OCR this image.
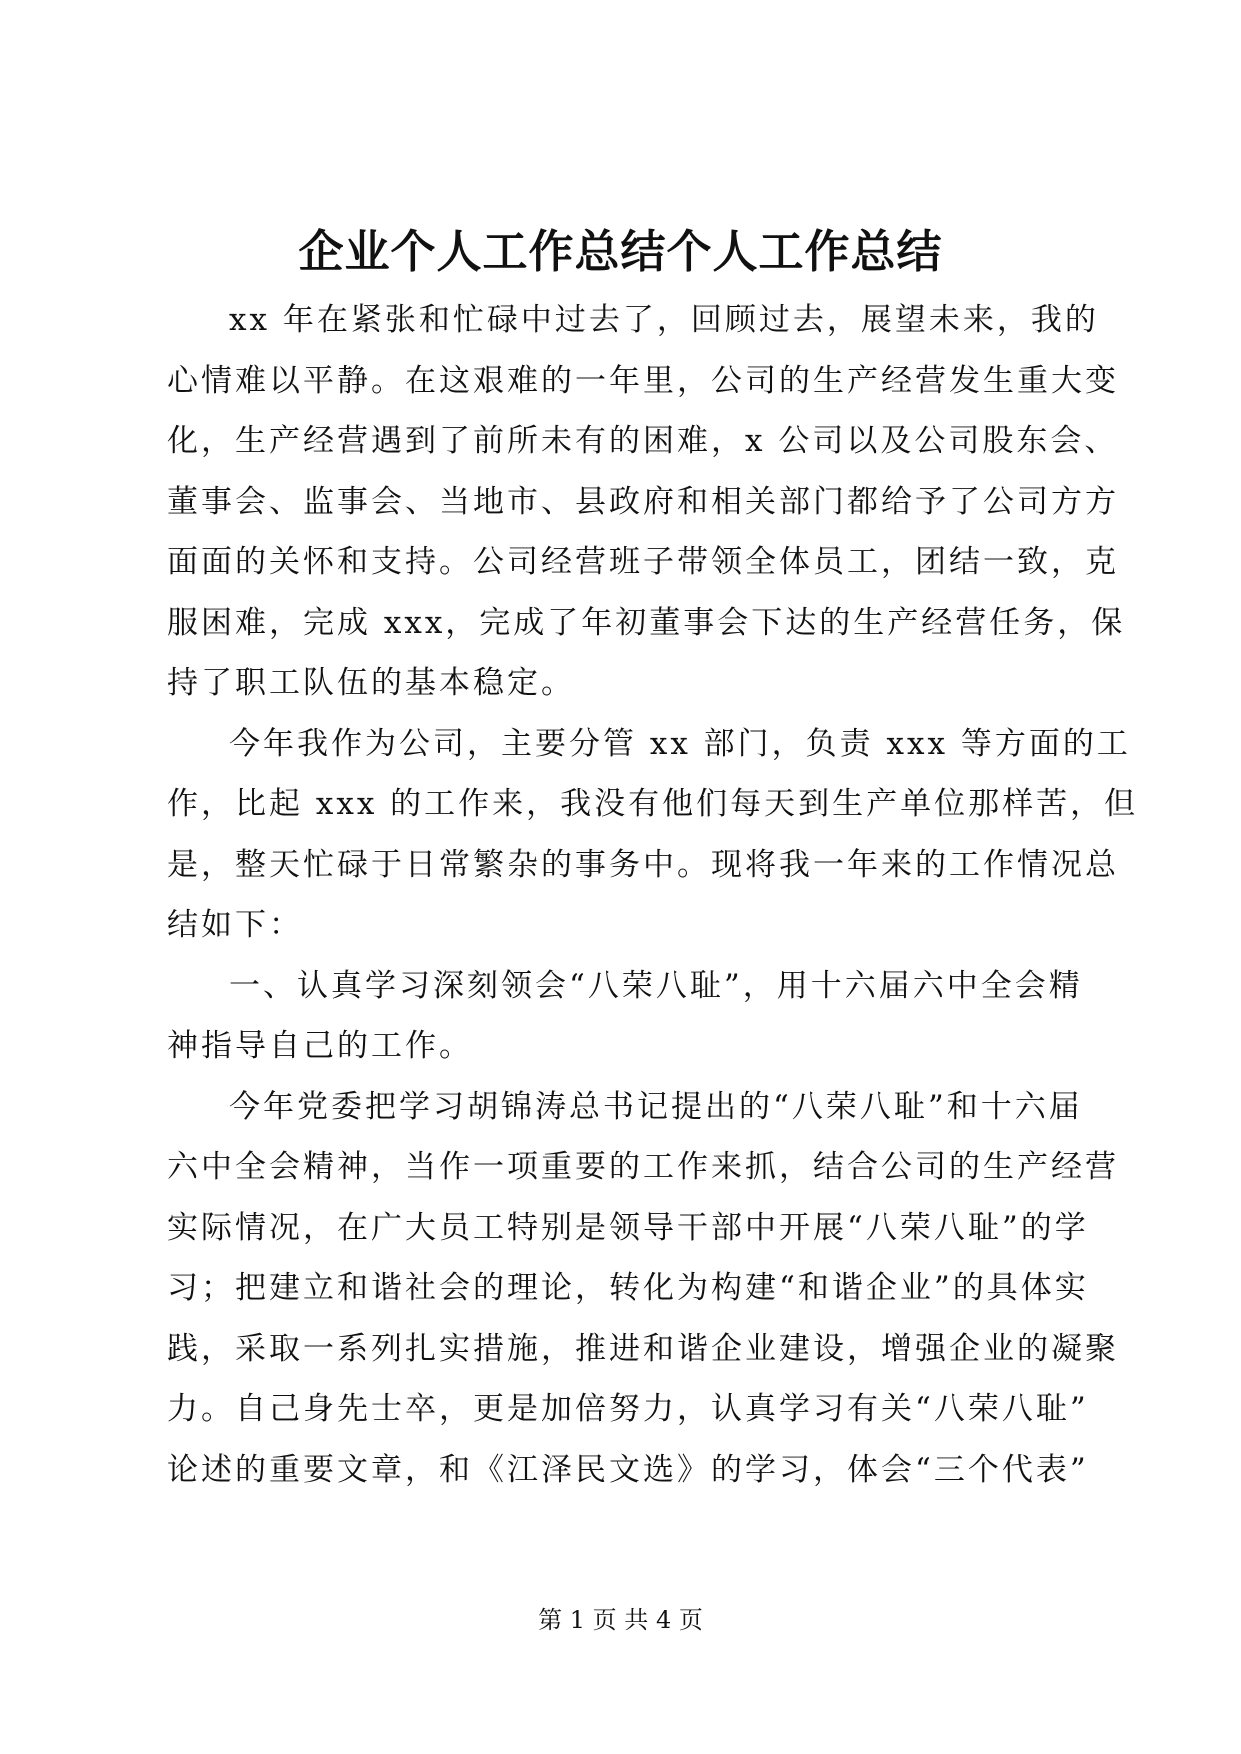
企业个人工作总结个人工作总结

xx 年在紧张和忙碌中过去了，回顾过去，展望未来，我的
心情难以平静。在这艰难的一年里，公司的生产经营发生重大变
化，生产经营遇到了前所未有的困难，x 公司以及公司股东会、
董事会、监事会、当地市、县政府和相关部门都给予了公司方方
面面的关怀和支持。公司经营班子带领全体员工，团结一致，克
服困难，完成 xxx，完成了年初董事会下达的生产经营任务，保
持了职工队伍的基本稳定。

今年我作为公司，主要分管 xx 部门，负责 xxx 等方面的工
作，比起 xxx 的工作来，我没有他们每天到生产单位那样苦，但
是，整天忙碌于日常繁杂的事务中。现将我一年来的工作情况总
结如下：

一、认真学习深刻领会“八荣八耻”，用十六届六中全会精
神指导自己的工作。

今年党委把学习胡锦涛总书记提出的“八荣八耻”和十六届
六中全会精神，当作一项重要的工作来抓，结合公司的生产经营
实际情况，在广大员工特别是领导干部中开展“八荣八耻”的学
习；把建立和谐社会的理论，转化为构建“和谐企业”的具体实
践，采取一系列扎实措施，推进和谐企业建设，增强企业的凝聚
力。自己身先士卒，更是加倍努力，认真学习有关“八荣八耻”
论述的重要文章，和《江泽民文选》的学习，体会“三个代表”

第 1 页 共 4 页
